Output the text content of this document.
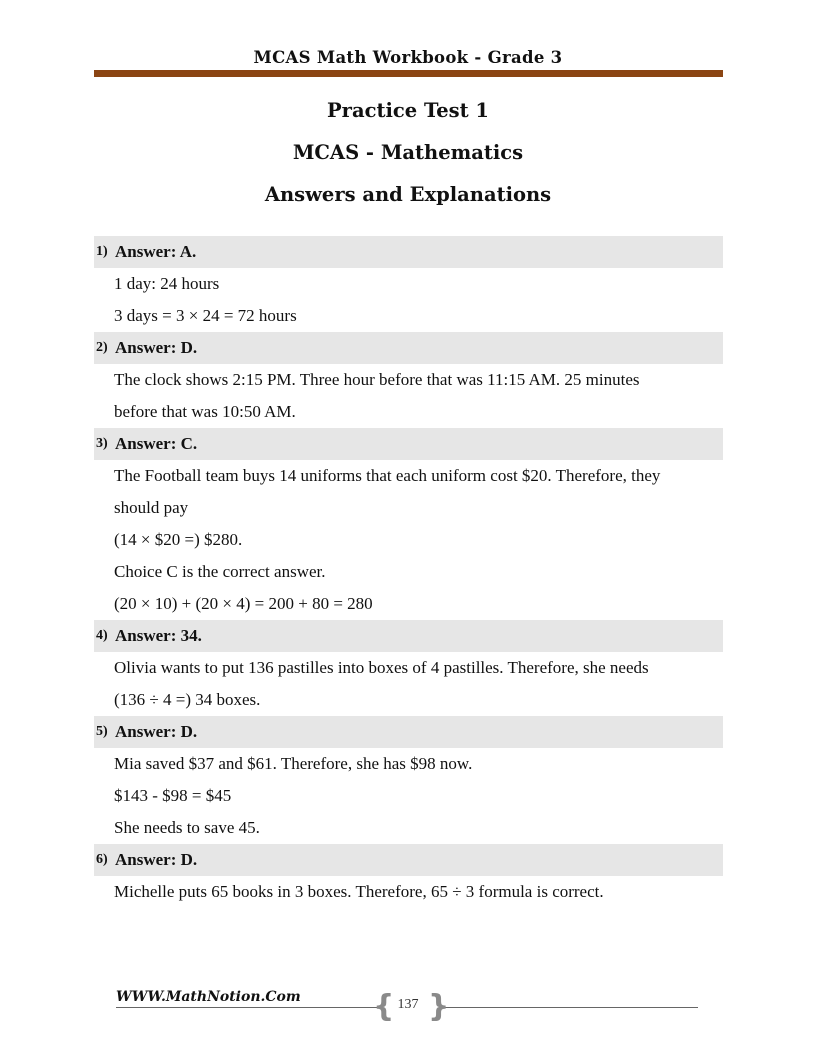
MCAS Math Workbook - Grade 3
Practice Test 1
MCAS - Mathematics
Answers and Explanations
1) Answer: A.
1 day: 24 hours
3 days = 3 × 24 = 72 hours
2) Answer: D.
The clock shows 2:15 PM. Three hour before that was 11:15 AM. 25 minutes
before that was 10:50 AM.
3) Answer: C.
The Football team buys 14 uniforms that each uniform cost $20. Therefore, they
should pay
(14 × $20 =) $280.
Choice C is the correct answer.
(20 × 10) + (20 × 4) = 200 + 80 = 280
4) Answer: 34.
Olivia wants to put 136 pastilles into boxes of 4 pastilles. Therefore, she needs
(136 ÷ 4 =) 34 boxes.
5) Answer: D.
Mia saved $37 and $61. Therefore, she has $98 now.
$143 - $98 = $45
She needs to save 45.
6) Answer: D.
Michelle puts 65 books in 3 boxes. Therefore, 65 ÷ 3 formula is correct.
WWW.MathNotion.Com { 137 }
